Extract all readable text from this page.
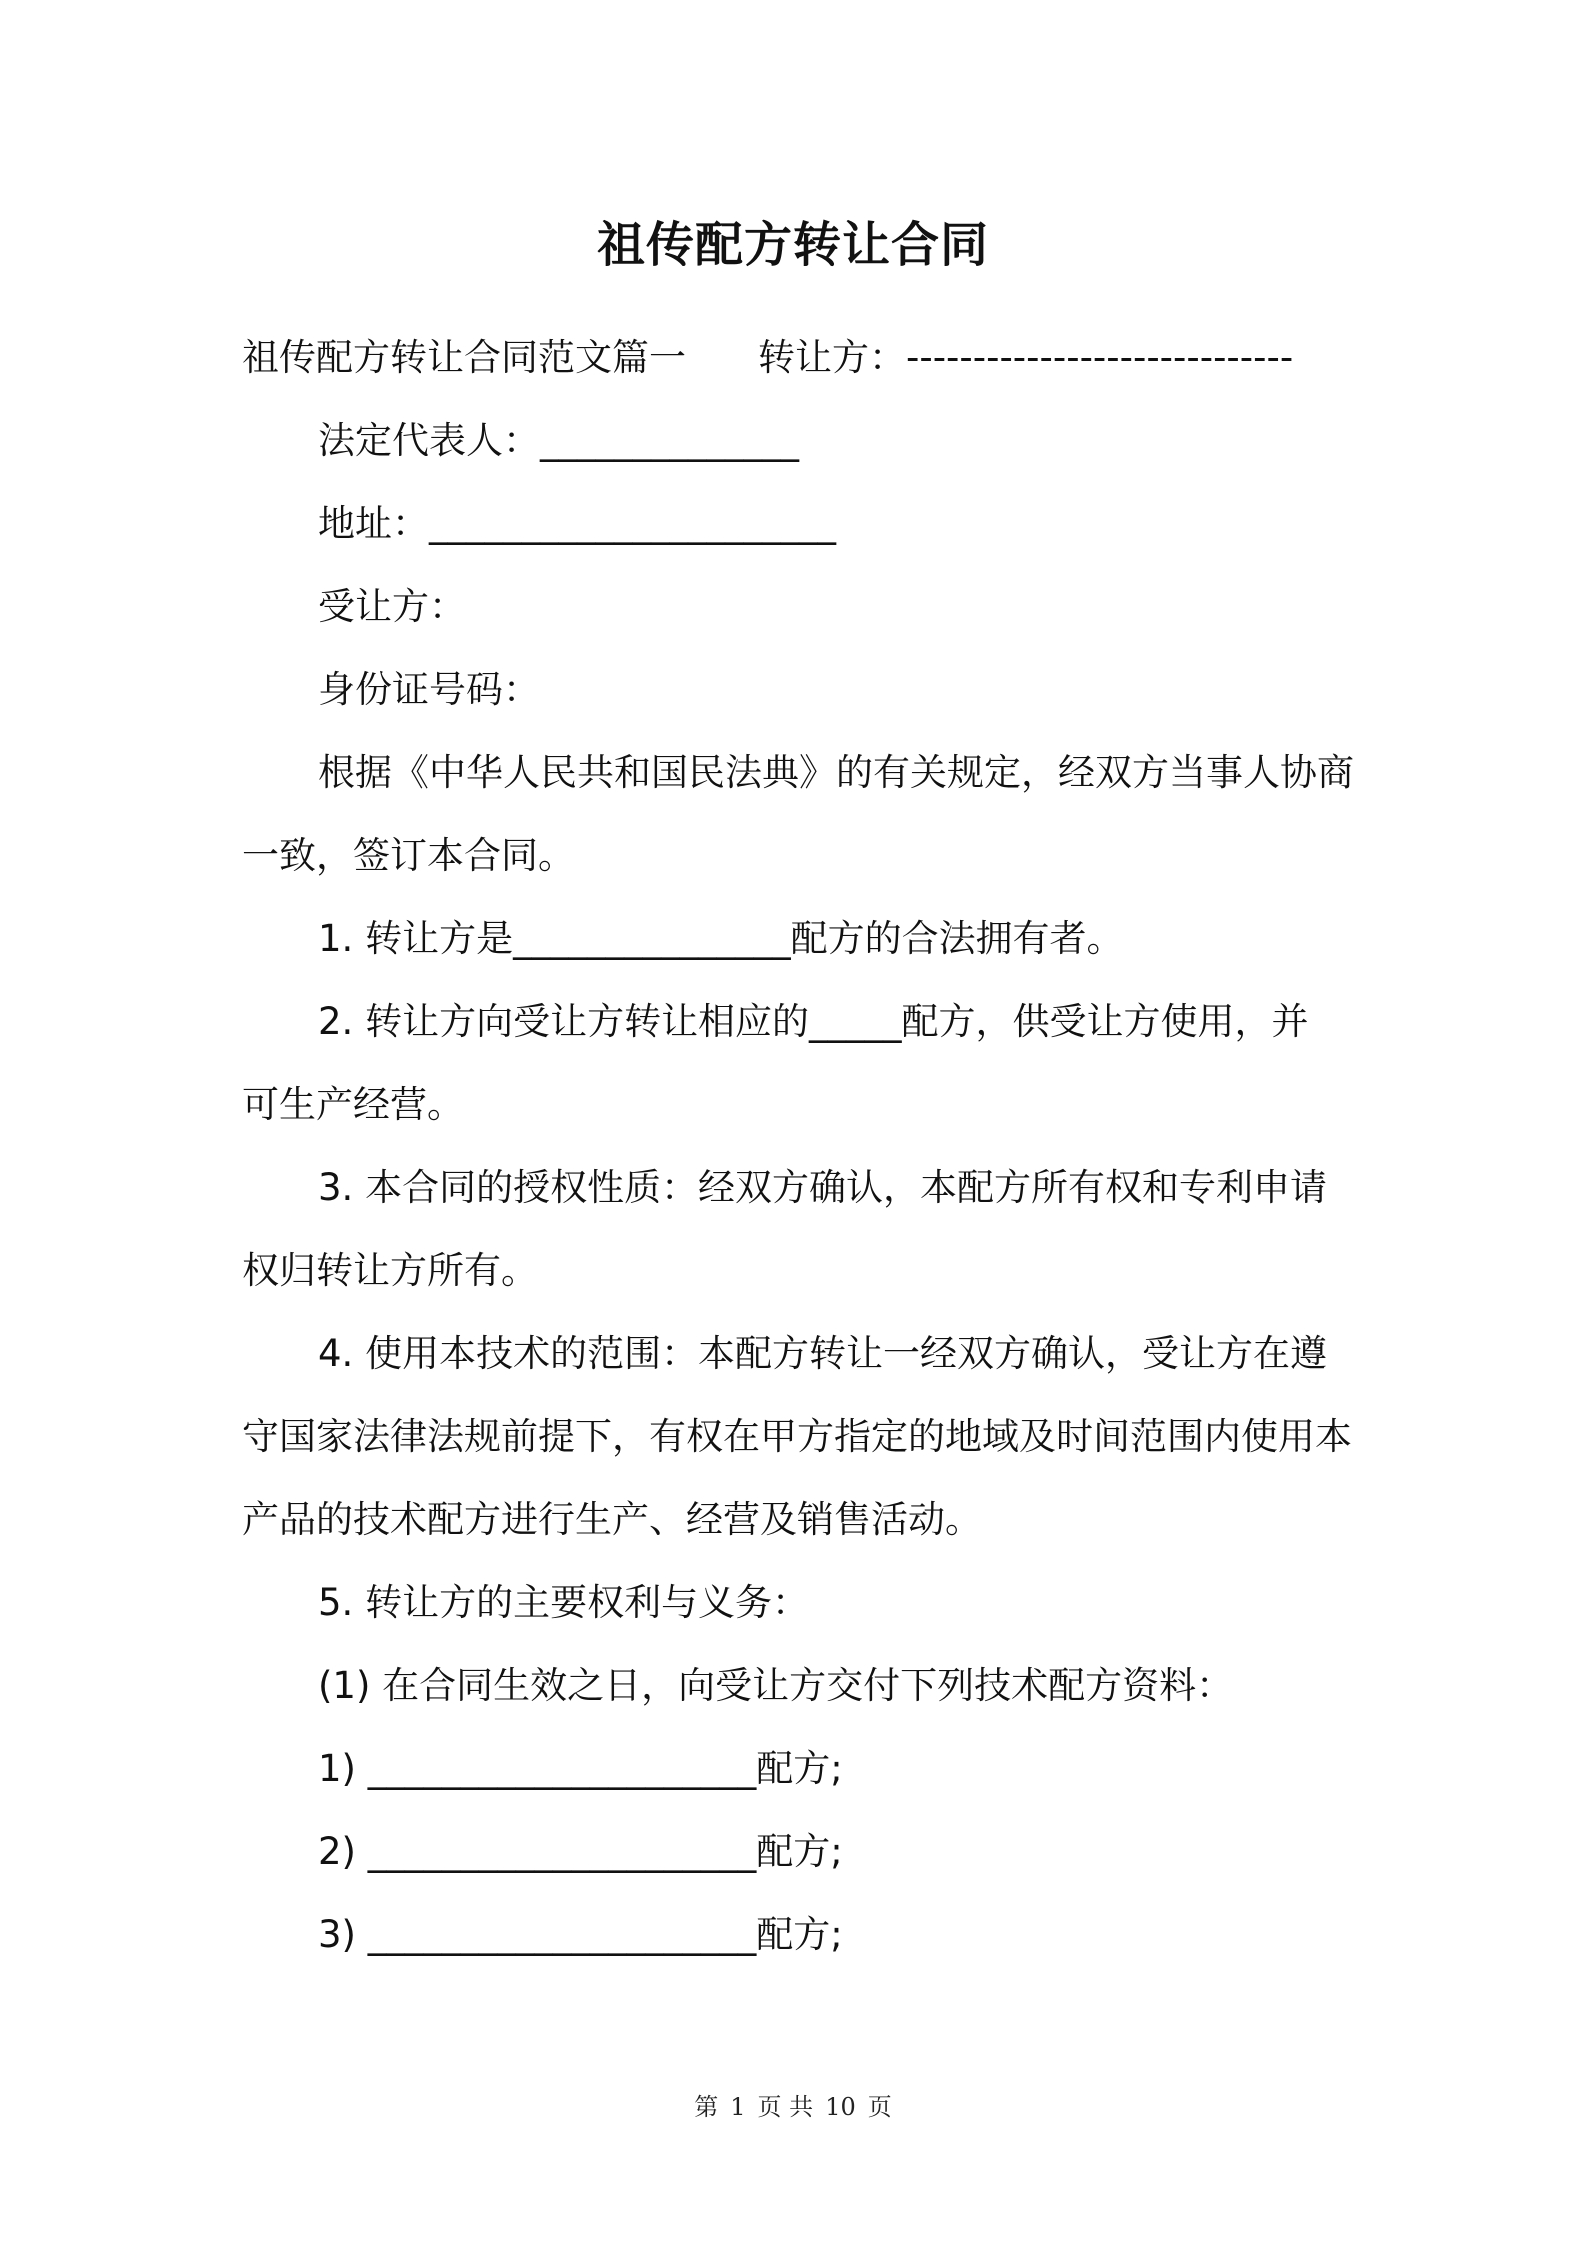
祖传配方转让合同
祖传配方转让合同范文篇一 转让方：-----------------------------
法定代表人：______________
地址：______________________
受让方：
身份证号码：
根据《中华人民共和国民法典》的有关规定，经双方当事人协商
一致，签订本合同。
1. 转让方是_______________配方的合法拥有者。
2. 转让方向受让方转让相应的_____配方，供受让方使用，并
可生产经营。
3. 本合同的授权性质：经双方确认，本配方所有权和专利申请
权归转让方所有。
4. 使用本技术的范围：本配方转让一经双方确认，受让方在遵
守国家法律法规前提下，有权在甲方指定的地域及时间范围内使用本
产品的技术配方进行生产、经营及销售活动。
5. 转让方的主要权利与义务：
(1) 在合同生效之日，向受让方交付下列技术配方资料：
1) _____________________配方;
2) _____________________配方;
3) _____________________配方;
第 1 页 共 10 页
